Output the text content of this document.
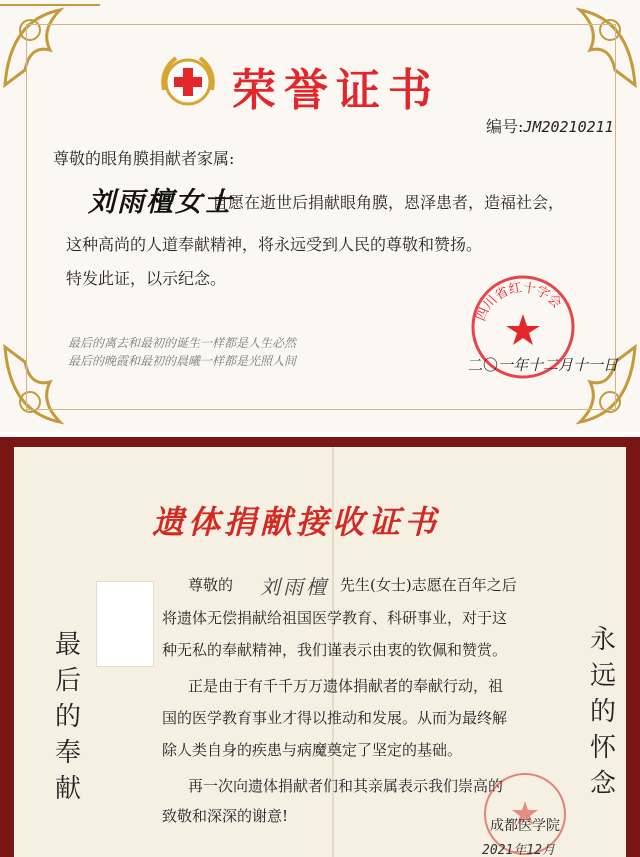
荣誉证书
编号:JM20210211
尊敬的眼角膜捐献者家属:
刘雨檀女士
自愿在逝世后捐献眼角膜，恩泽患者，造福社会，
这种高尚的人道奉献精神，将永远受到人民的尊敬和赞扬。
特发此证，以示纪念。
最后的离去和最初的诞生一样都是人生必然
最后的晚霞和最初的晨曦一样都是光照人间
四川省红十字会
二〇一年十二月十一日
遗体捐献接收证书
最后的奉献
永远的怀念
尊敬的 刘雨檀 先生(女士)志愿在百年之后
将遗体无偿捐献给祖国医学教育、科研事业，对于这
种无私的奉献精神，我们谨表示由衷的钦佩和赞赏。
正是由于有千千万万遗体捐献者的奉献行动，祖
国的医学教育事业才得以推动和发展。从而为最终解
除人类自身的疾患与病魔奠定了坚定的基础。
再一次向遗体捐献者们和其亲属表示我们崇高的
致敬和深深的谢意!
成都医学院
2021年12月
